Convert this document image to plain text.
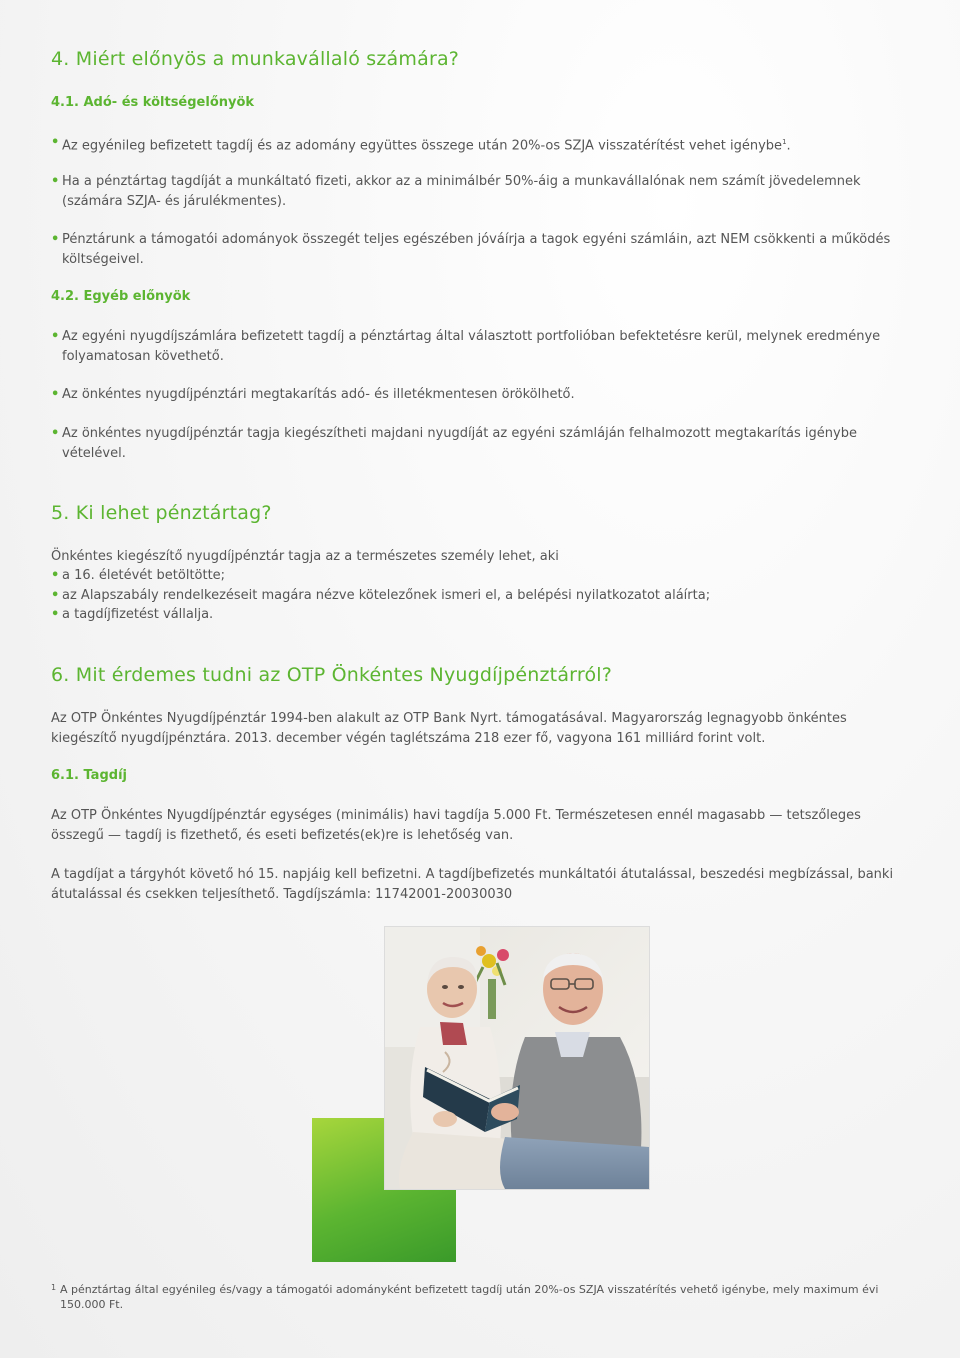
4. Miért előnyös a munkavállaló számára?
4.1. Adó- és költségelőnyök
• Az egyénileg befizetett tagdíj és az adomány együttes összege után 20%-os SZJA visszatérítést vehet igénybe$^1$.
• Ha a pénztártag tagdíját a munkáltató fizeti, akkor az a minimálbér 50%-áig a munkavállalónak nem számít jövedelemnek (számára SZJA- és járulékmentes).
• Pénztárunk a támogatói adományok összegét teljes egészében jóváírja a tagok egyéni számláin, azt NEM csökkenti a működés költségeivel.
4.2. Egyéb előnyök
• Az egyéni nyugdíjszámlára befizetett tagdíj a pénztártag által választott portfolióban befektetésre kerül, melynek eredménye folyamatosan követhető.
• Az önkéntes nyugdíjpénztári megtakarítás adó- és illetékmentesen örökölhető.
• Az önkéntes nyugdíjpénztár tagja kiegészítheti majdani nyugdíját az egyéni számláján felhalmozott megtakarítás igénybe vételével.
5. Ki lehet pénztártag?

Önkéntes kiegészítő nyugdíjpénztár tagja az a természetes személy lehet, aki

• a 16. életévét betöltötte;
• az Alapszabály rendelkezéseit magára nézve kötelezőnek ismeri el, a belépési nyilatkozatot aláírta;
• a tagdíjfizetést vállalja.
6. Mit érdemes tudni az OTP Önkéntes Nyugdíjpénztárról?

Az OTP Önkéntes Nyugdíjpénztár 1994-ben alakult az OTP Bank Nyrt. támogatásával. Magyarország legnagyobb önkéntes kiegészítő nyugdíjpénztára. 2013. december végén taglétszáma 218 ezer fő, vagyona 161 milliárd forint volt.

6.1. Tagdíj

Az OTP Önkéntes Nyugdíjpénztár egységes (minimális) havi tagdíja 5.000 Ft. Természetesen ennél magasabb — tetszőleges összegű — tagdíj is fizethető, és eseti befizetés(ek)re is lehetőség van.

A tagdíjat a tárgyhót követő hó 15. napjáig kell befizetni. A tagdíjbefizetés munkáltatói átutalással, beszedési megbízással, banki átutalással és csekken teljesíthető. Tagdíjszámla: 11742001-20030030

1 A pénztártag által egyénileg és/vagy a támogatói adományként befizetett tagdíj után 20%-os SZJA visszatérítés vehető igénybe, mely maximum évi 150.000 Ft.
